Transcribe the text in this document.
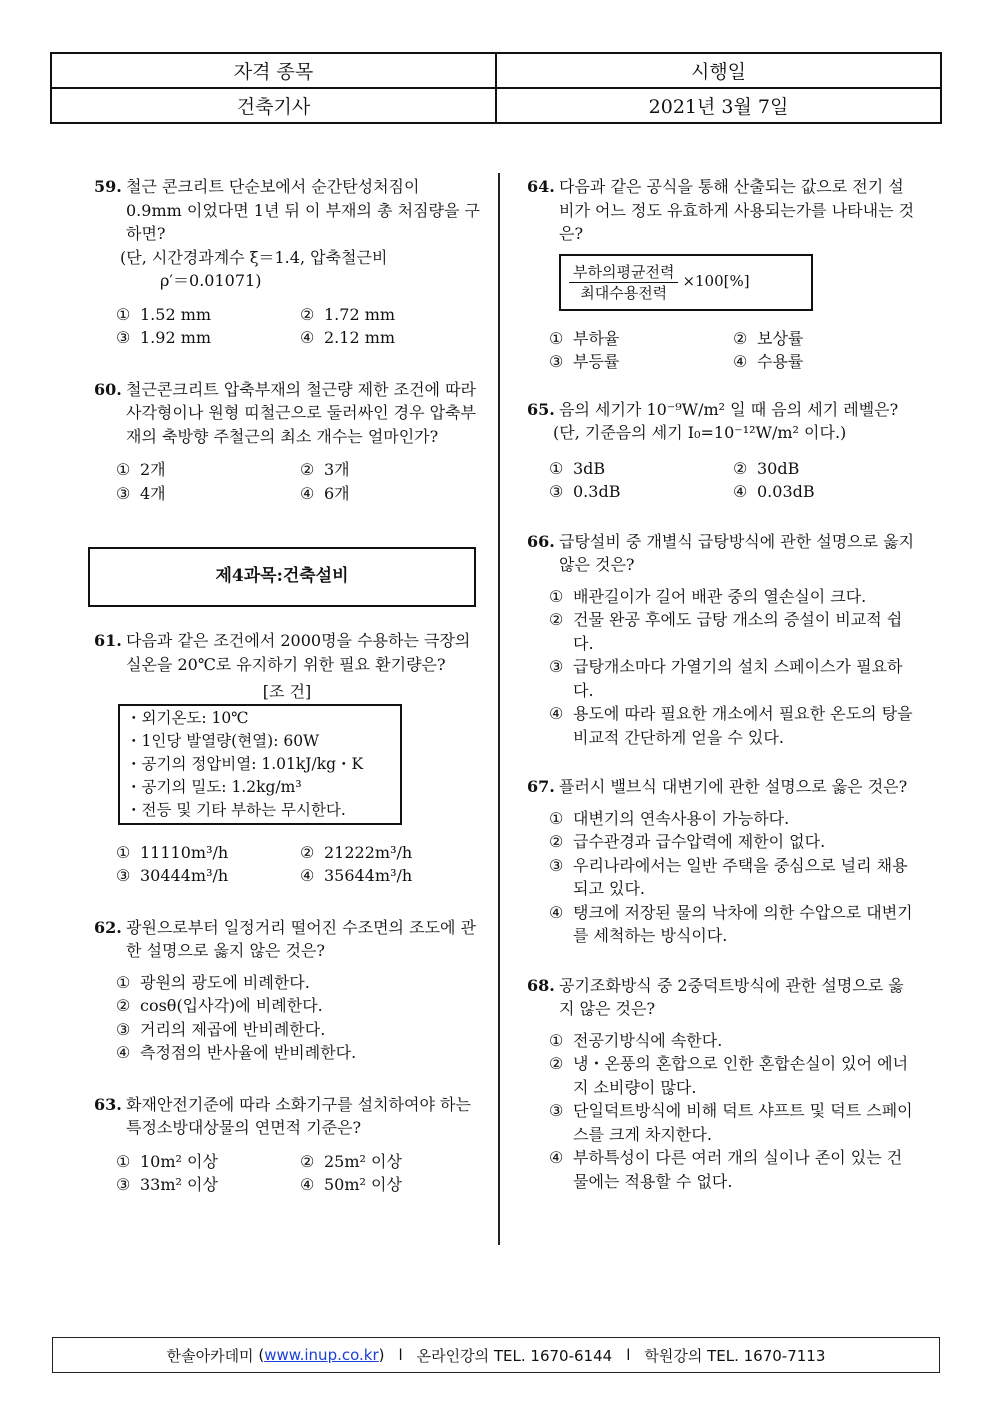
자격 종목	시행일
건축기사	2021년 3월 7일
59. 철근 콘크리트 단순보에서 순간탄성처짐이 0.9mm 이었다면 1년 뒤 이 부재의 총 처짐량을 구하면?
(단, 시간경과계수 ξ＝1.4, 압축철근비
ρ′＝0.01071)
① 1.52 mm	② 1.72 mm
③ 1.92 mm	④ 2.12 mm
60. 철근콘크리트 압축부재의 철근량 제한 조건에 따라 사각형이나 원형 띠철근으로 둘러싸인 경우 압축부재의 축방향 주철근의 최소 개수는 얼마인가?
① 2개	② 3개
③ 4개	④ 6개
제4과목:건축설비
61. 다음과 같은 조건에서 2000명을 수용하는 극장의 실온을 20℃로 유지하기 위한 필요 환기량은?
[조 건]
・외기온도: 10℃
・1인당 발열량(현열): 60W
・공기의 정압비열: 1.01kJ/kg・K
・공기의 밀도: 1.2kg/m³
・전등 및 기타 부하는 무시한다.
① 11110m³/h	② 21222m³/h
③ 30444m³/h	④ 35644m³/h
62. 광원으로부터 일정거리 떨어진 수조면의 조도에 관한 설명으로 옳지 않은 것은?
① 광원의 광도에 비례한다.
② cosθ(입사각)에 비례한다.
③ 거리의 제곱에 반비례한다.
④ 측정점의 반사율에 반비례한다.
63. 화재안전기준에 따라 소화기구를 설치하여야 하는 특정소방대상물의 연면적 기준은?
① 10m² 이상	② 25m² 이상
③ 33m² 이상	④ 50m² 이상
64. 다음과 같은 공식을 통해 산출되는 값으로 전기 설비가 어느 정도 유효하게 사용되는가를 나타내는 것은?
$\frac{\text{부하의평균전력}}{\text{최대수용전력}} \times 100[\%]$
① 부하율	② 보상률
③ 부등률	④ 수용률
65. 음의 세기가 10⁻⁹W/m² 일 때 음의 세기 레벨은?
(단, 기준음의 세기 I₀=10⁻¹²W/m² 이다.)
① 3dB	② 30dB
③ 0.3dB	④ 0.03dB
66. 급탕설비 중 개별식 급탕방식에 관한 설명으로 옳지 않은 것은?
① 배관길이가 길어 배관 중의 열손실이 크다.
② 건물 완공 후에도 급탕 개소의 증설이 비교적 쉽다.
③ 급탕개소마다 가열기의 설치 스페이스가 필요하다.
④ 용도에 따라 필요한 개소에서 필요한 온도의 탕을 비교적 간단하게 얻을 수 있다.
67. 플러시 밸브식 대변기에 관한 설명으로 옳은 것은?
① 대변기의 연속사용이 가능하다.
② 급수관경과 급수압력에 제한이 없다.
③ 우리나라에서는 일반 주택을 중심으로 널리 채용되고 있다.
④ 탱크에 저장된 물의 낙차에 의한 수압으로 대변기를 세척하는 방식이다.
68. 공기조화방식 중 2중덕트방식에 관한 설명으로 옳지 않은 것은?
① 전공기방식에 속한다.
② 냉・온풍의 혼합으로 인한 혼합손실이 있어 에너지 소비량이 많다.
③ 단일덕트방식에 비해 덕트 샤프트 및 덕트 스페이스를 크게 차지한다.
④ 부하특성이 다른 여러 개의 실이나 존이 있는 건물에는 적용할 수 없다.
한솔아카데미 ( www.inup.co.kr ) l 온라인강의 TEL. 1670-6144 l 학원강의 TEL. 1670-7113
